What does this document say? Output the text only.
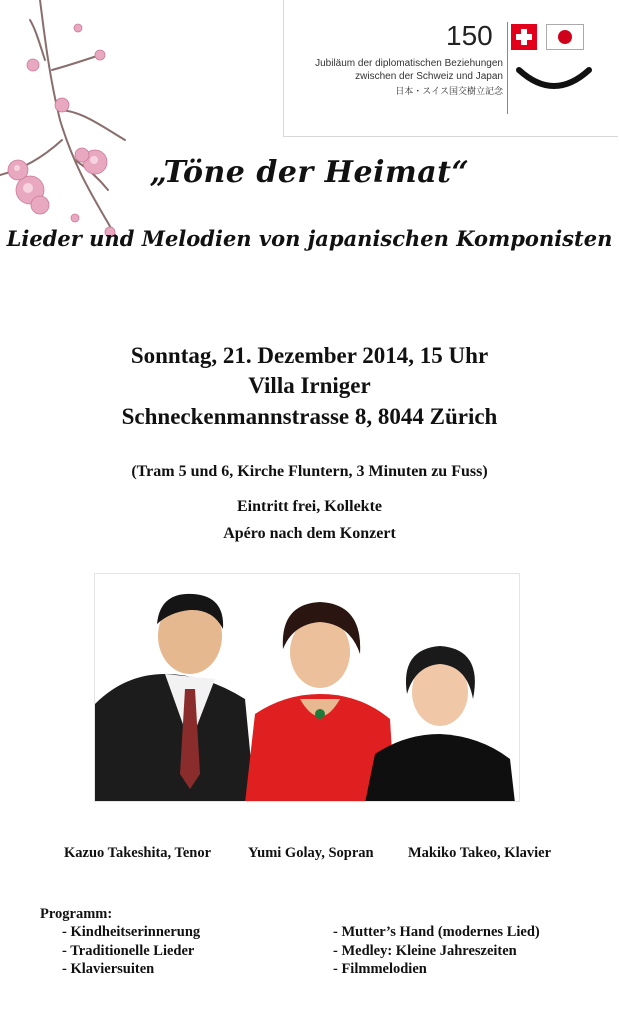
150
Jubiläum der diplomatischen Beziehungen
zwischen der Schweiz und Japan
日本・スイス国交樹立記念
„Töne der Heimat“
Lieder und Melodien von japanischen Komponisten
Sonntag, 21. Dezember 2014, 15 Uhr
Villa Irniger
Schneckenmannstrasse 8, 8044 Zürich
(Tram 5 und 6, Kirche Fluntern, 3 Minuten zu Fuss)
Eintritt frei, Kollekte
Apéro nach dem Konzert
Kazuo Takeshita, Tenor	Yumi Golay, Sopran Makiko Takeo, Klavier
Programm:
- Kindheitserinnerung
- Traditionelle Lieder
- Klaviersuiten
- Mutter’s Hand (modernes Lied)
- Medley: Kleine Jahreszeiten
- Filmmelodien
